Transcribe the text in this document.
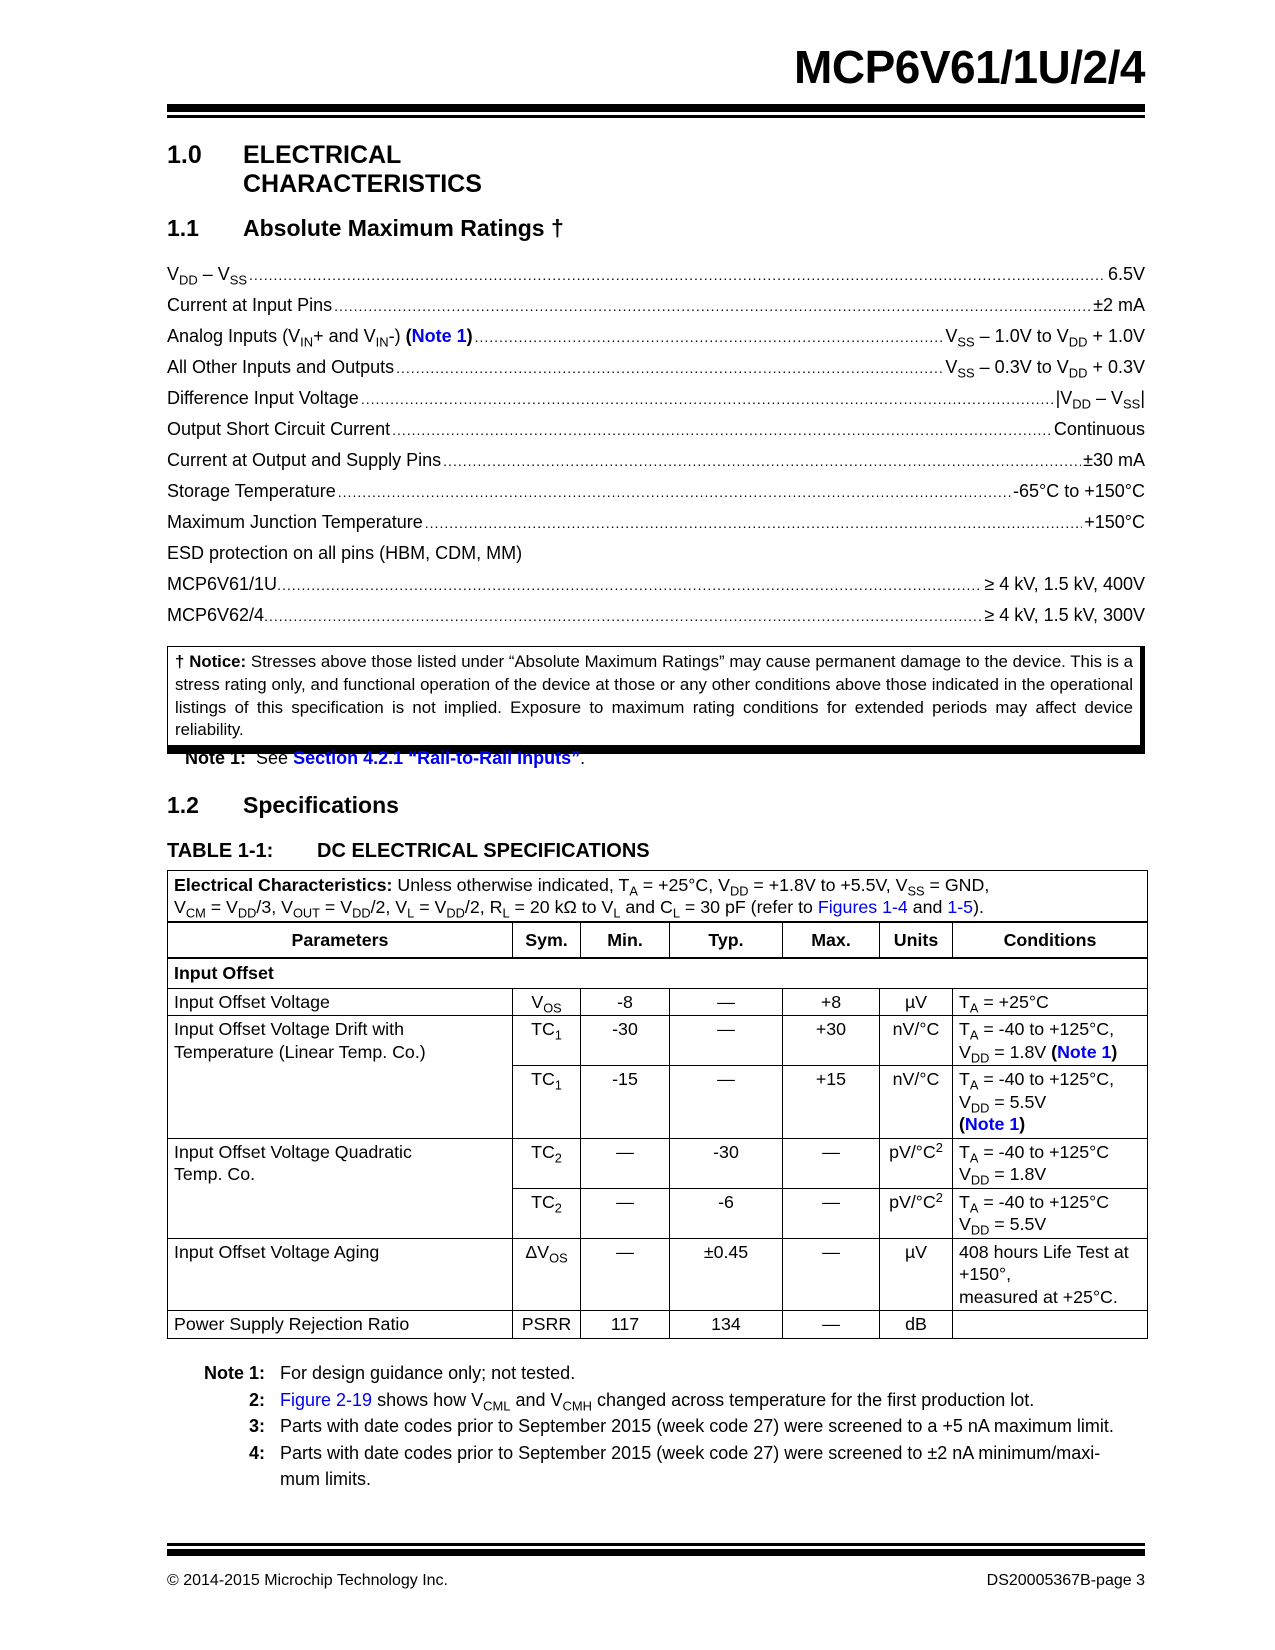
MCP6V61/1U/2/4
1.0	ELECTRICAL
CHARACTERISTICS
1.1 Absolute Maximum Ratings †
$V_{DD} - V_{SS}$ .....	6.5V
Current at Input Pins .....	±2 mA
Analog Inputs ($V_{IN}+$ and $V_{IN}-$) (Note 1) .....	$V_{SS} - 1.0V$ to $V_{DD} + 1.0V$
All Other Inputs and Outputs .....	$V_{SS} - 0.3V$ to $V_{DD} + 0.3V$
Difference Input Voltage .....	$|V_{DD} - V_{SS}|$
Output Short Circuit Current .....	Continuous
Current at Output and Supply Pins .....	±30 mA
Storage Temperature .....	-65°C to +150°C
Maximum Junction Temperature .....	+150°C
ESD protection on all pins (HBM, CDM, MM)
MCP6V61/1U .....	≥ 4 kV, 1.5 kV, 400V
MCP6V62/4 .....	≥ 4 kV, 1.5 kV, 300V
† Notice: Stresses above those listed under “Absolute Maximum Ratings” may cause permanent damage to the device. This is a stress rating only, and functional operation of the device at those or any other conditions above those indicated in the operational listings of this specification is not implied. Exposure to maximum rating conditions for extended periods may affect device reliability.
Note 1: See Section 4.2.1 “Rail-to-Rail Inputs”.
1.2 Specifications
TABLE 1-1: DC ELECTRICAL SPECIFICATIONS
Electrical Characteristics: Unless otherwise indicated, $T_A = +25^\circ C$, $V_{DD} = +1.8V$ to +5.5V, $V_{SS}$ = GND,
$V_{CM} = V_{DD}/3$, $V_{OUT} = V_{DD}/2$, $V_L = V_{DD}/2$, $R_L = 20$ kΩ to $V_L$ and $C_L = 30$ pF (refer to Figures 1-4 and 1-5).						
Parameters	Sym.	Min.	Typ.	Max.	Units	Conditions
Input Offset						
Input Offset Voltage	$V_{OS}$	-8	—	+8	µV	$T_A = +25^\circ C$
Input Offset Voltage Drift with
Temperature (Linear Temp. Co.)	$TC_1$	-30	—	+30	nV/°C	$T_A = -40$ to +125°C,
$V_{DD} = 1.8V$ (Note 1)
	$TC_1$	-15	—	+15	nV/°C	$T_A = -40$ to +125°C,
$V_{DD} = 5.5V$
(Note 1)
Input Offset Voltage Quadratic
Temp. Co.	$TC_2$	—	-30	—	$pV/^\circ C^2$	$T_A = -40$ to +125°C
$V_{DD} = 1.8V$
	$TC_2$	—	-6	—	$pV/^\circ C^2$	$T_A = -40$ to +125°C
$V_{DD} = 5.5V$
Input Offset Voltage Aging	$\Delta V_{OS}$	—	±0.45	—	µV	408 hours Life Test at
+150°,
measured at +25°C.
Power Supply Rejection Ratio	PSRR	117	134	—	dB	
Note 1: For design guidance only; not tested.
2: Figure 2-19 shows how $V_{CML}$ and $V_{CMH}$ changed across temperature for the first production lot.
3: Parts with date codes prior to September 2015 (week code 27) were screened to a +5 nA maximum limit.
4: Parts with date codes prior to September 2015 (week code 27) were screened to ±2 nA minimum/maxi-
mum limits.
© 2014-2015 Microchip Technology Inc.	DS20005367B-page 3
